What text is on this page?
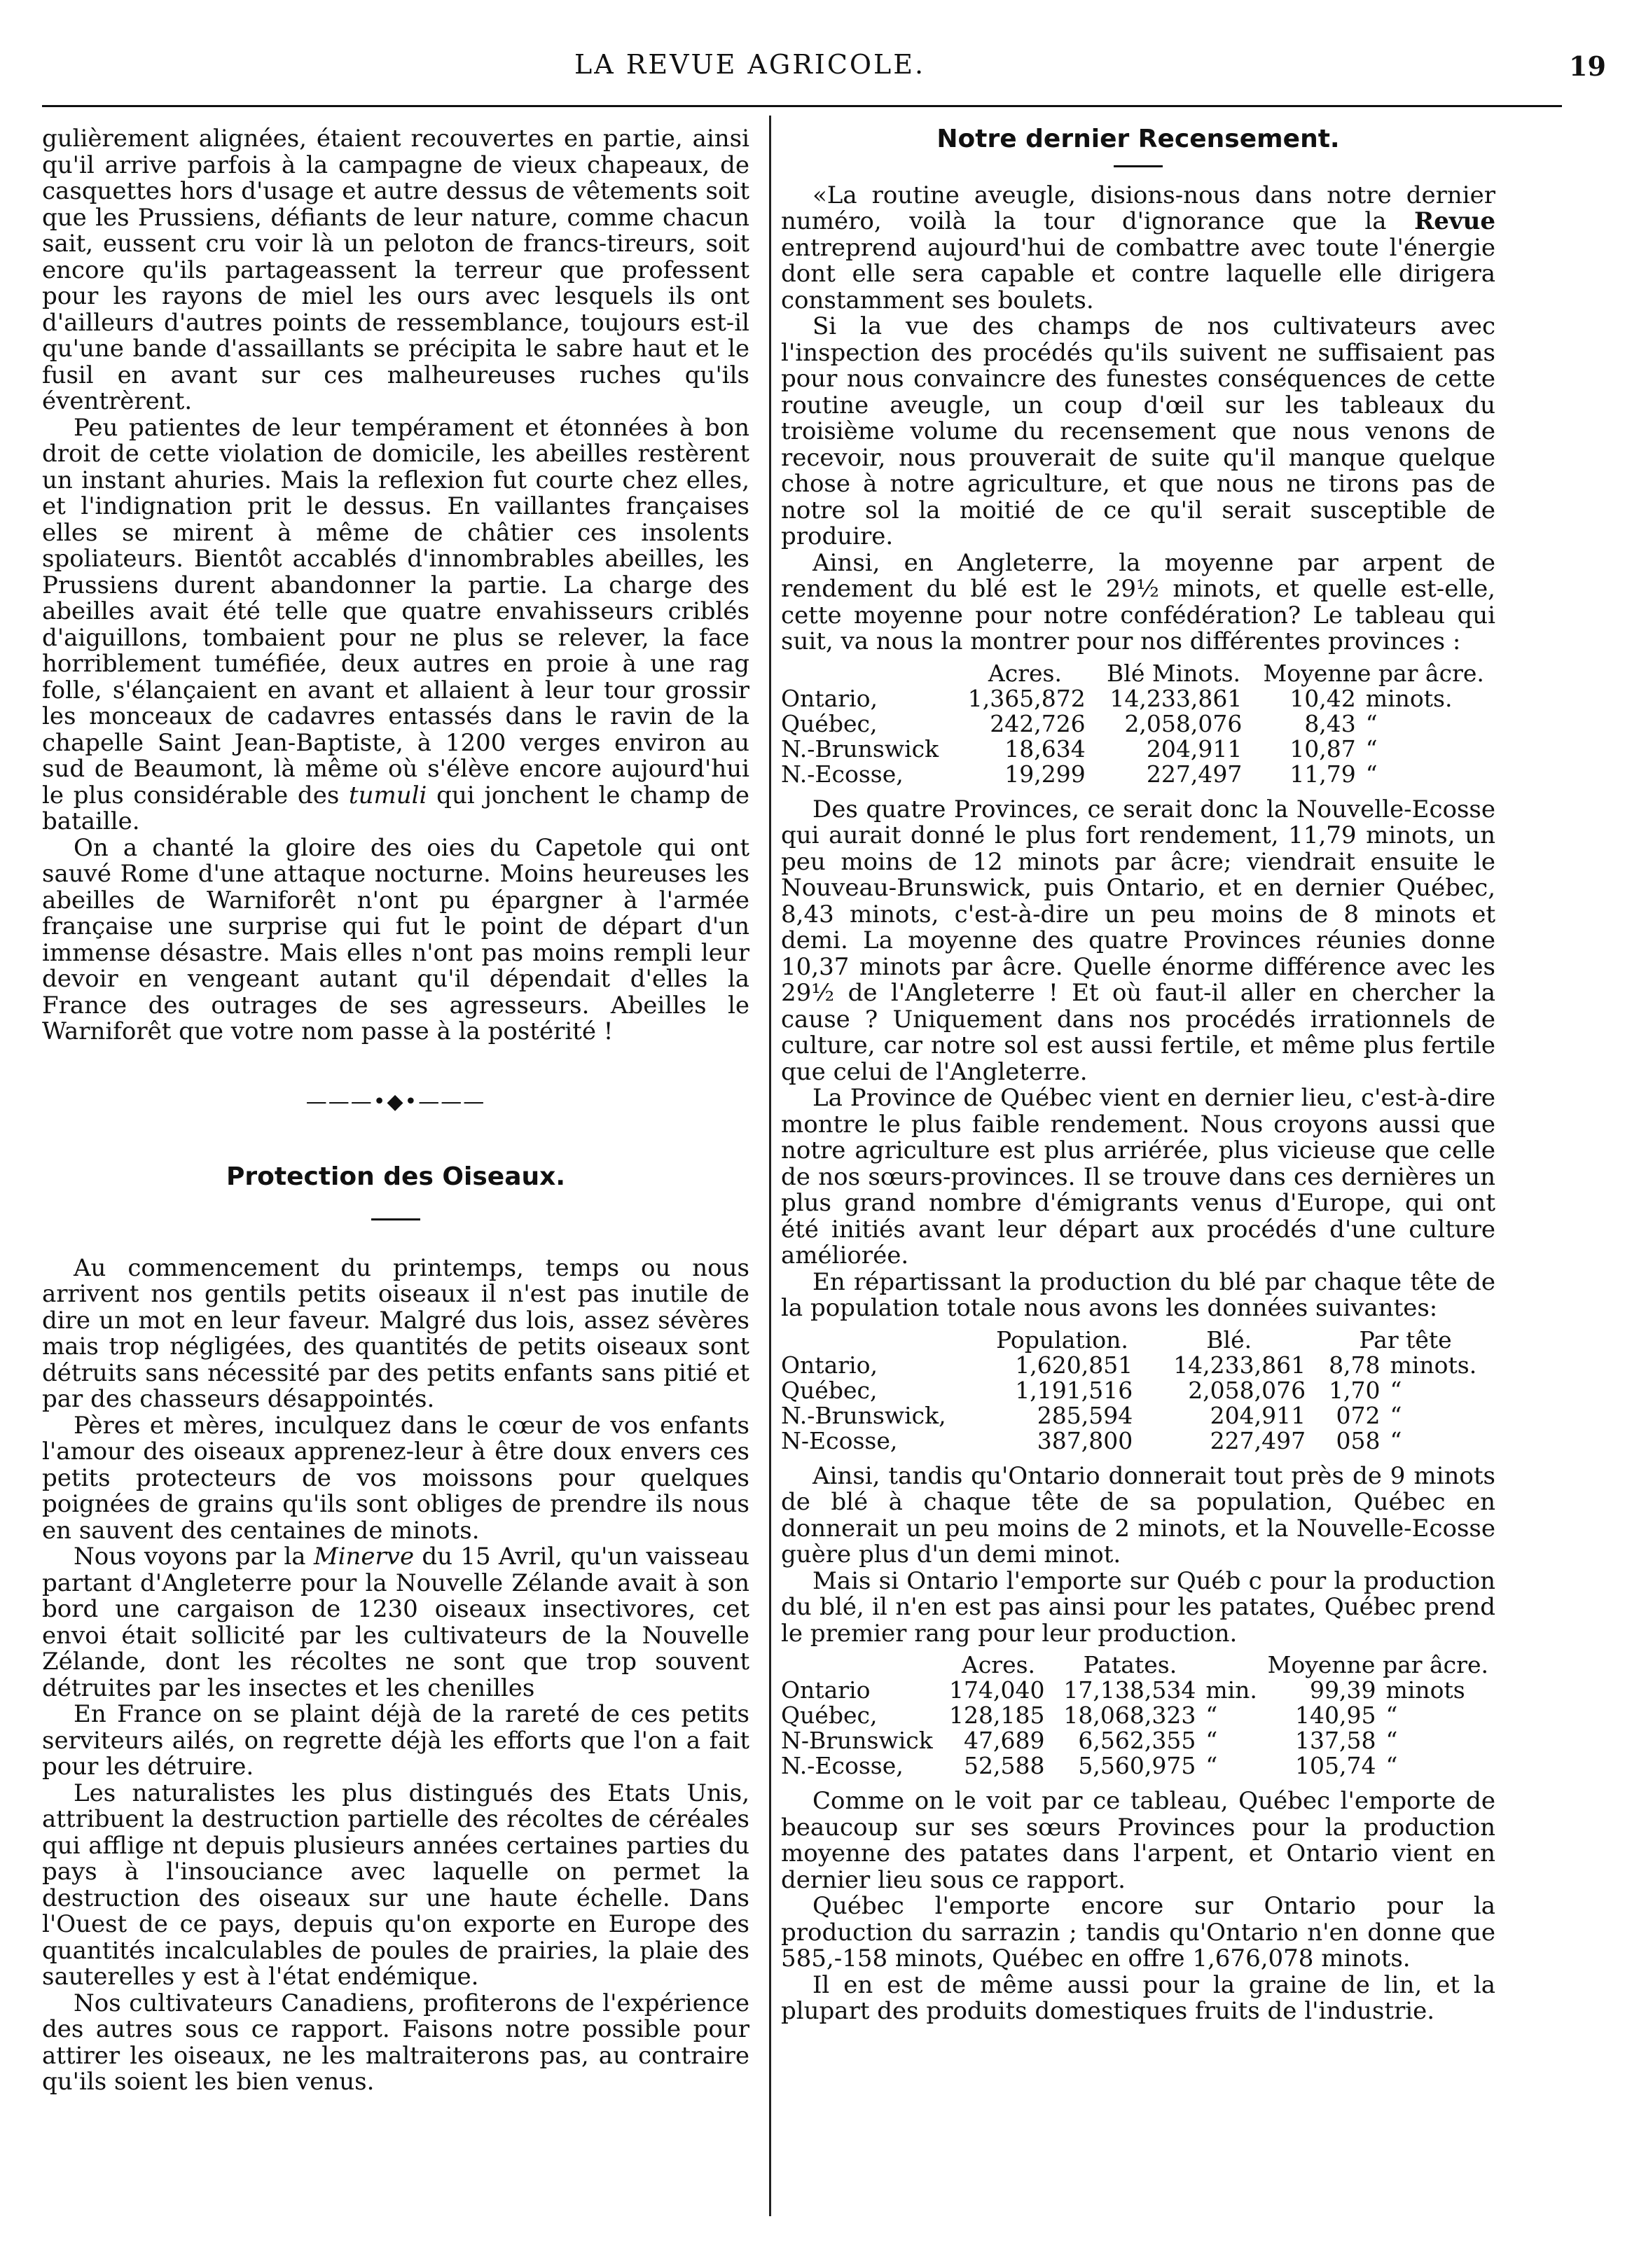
LA REVUE AGRICOLE.	19

gulièrement alignées, étaient recouvertes en partie, ainsi qu'il arrive parfois à la campagne de vieux chapeaux, de casquettes hors d'usage et autre dessus de vêtements soit que les Prussiens, défiants de leur nature, comme chacun sait, eussent cru voir là un peloton de francs-tireurs, soit encore qu'ils partageassent la terreur que professent pour les rayons de miel les ours avec lesquels ils ont d'ailleurs d'autres points de ressemblance, toujours est-il qu'une bande d'assaillants se précipita le sabre haut et le fusil en avant sur ces malheureuses ruches qu'ils éventrèrent.

Peu patientes de leur tempérament et étonnées à bon droit de cette violation de domicile, les abeilles restèrent un instant ahuries. Mais la reflexion fut courte chez elles, et l'indignation prit le dessus. En vaillantes françaises elles se mirent à même de châtier ces insolents spoliateurs. Bientôt accablés d'innombrables abeilles, les Prussiens durent abandonner la partie. La charge des abeilles avait été telle que quatre envahisseurs criblés d'aiguillons, tombaient pour ne plus se relever, la face horriblement tuméfiée, deux autres en proie à une rag folle, s'élançaient en avant et allaient à leur tour grossir les monceaux de cadavres entassés dans le ravin de la chapelle Saint Jean-Baptiste, à 1200 verges environ au sud de Beaumont, là même où s'élève encore aujourd'hui le plus considérable des tumuli qui jonchent le champ de bataille.

On a chanté la gloire des oies du Capetole qui ont sauvé Rome d'une attaque nocturne. Moins heureuses les abeilles de Warniforêt n'ont pu épargner à l'armée française une surprise qui fut le point de départ d'un immense désastre. Mais elles n'ont pas moins rempli leur devoir en vengeant autant qu'il dépendait d'elles la France des outrages de ses agresseurs. Abeilles le Warniforêt que votre nom passe à la postérité !

———•◆•———
Protection des Oiseaux.

Au commencement du printemps, temps ou nous arrivent nos gentils petits oiseaux il n'est pas inutile de dire un mot en leur faveur. Malgré dus lois, assez sévères mais trop négligées, des quantités de petits oiseaux sont détruits sans nécessité par des petits enfants sans pitié et par des chasseurs désappointés.

Pères et mères, inculquez dans le cœur de vos enfants l'amour des oiseaux apprenez-leur à être doux envers ces petits protecteurs de vos moissons pour quelques poignées de grains qu'ils sont obliges de prendre ils nous en sauvent des centaines de minots.

Nous voyons par la Minerve du 15 Avril, qu'un vaisseau partant d'Angleterre pour la Nouvelle Zélande avait à son bord une cargaison de 1230 oiseaux insectivores, cet envoi était sollicité par les cultivateurs de la Nouvelle Zélande, dont les récoltes ne sont que trop souvent détruites par les insectes et les chenilles

En France on se plaint déjà de la rareté de ces petits serviteurs ailés, on regrette déjà les efforts que l'on a fait pour les détruire.

Les naturalistes les plus distingués des Etats Unis, attribuent la destruction partielle des récoltes de céréales qui afflige nt depuis plusieurs années certaines parties du pays à l'insouciance avec laquelle on permet la destruction des oiseaux sur une haute échelle. Dans l'Ouest de ce pays, depuis qu'on exporte en Europe des quantités incalculables de poules de prairies, la plaie des sauterelles y est à l'état endémique.

Nos cultivateurs Canadiens, profiterons de l'expérience des autres sous ce rapport. Faisons notre possible pour attirer les oiseaux, ne les maltraiterons pas, au contraire qu'ils soient les bien venus.

Notre dernier Recensement.

«La routine aveugle, disions-nous dans notre dernier numéro, voilà la tour d'ignorance que la Revue entreprend aujourd'hui de combattre avec toute l'énergie dont elle sera capable et contre laquelle elle dirigera constamment ses boulets.

Si la vue des champs de nos cultivateurs avec l'inspection des procédés qu'ils suivent ne suffisaient pas pour nous convaincre des funestes conséquences de cette routine aveugle, un coup d'œil sur les tableaux du troisième volume du recensement que nous venons de recevoir, nous prouverait de suite qu'il manque quelque chose à notre agriculture, et que nous ne tirons pas de notre sol la moitié de ce qu'il serait susceptible de produire.

Ainsi, en Angleterre, la moyenne par arpent de rendement du blé est le 29½ minots, et quelle est-elle, cette moyenne pour notre confédération? Le tableau qui suit, va nous la montrer pour nos différentes provinces :

	Acres.	Blé Minots.	Moyenne par âcre.	
Ontario,	1,365,872	14,233,861	10,42	minots.
Québec,	242,726	2,058,076	8,43	“
N.-Brunswick	18,634	204,911	10,87	“
N.-Ecosse,	19,299	227,497	11,79	“

Des quatre Provinces, ce serait donc la Nouvelle-Ecosse qui aurait donné le plus fort rendement, 11,79 minots, un peu moins de 12 minots par âcre; viendrait ensuite le Nouveau-Brunswick, puis Ontario, et en dernier Québec, 8,43 minots, c'est-à-dire un peu moins de 8 minots et demi. La moyenne des quatre Provinces réunies donne 10,37 minots par âcre. Quelle énorme différence avec les 29½ de l'Angleterre ! Et où faut-il aller en chercher la cause ? Uniquement dans nos procédés irrationnels de culture, car notre sol est aussi fertile, et même plus fertile que celui de l'Angleterre.

La Province de Québec vient en dernier lieu, c'est-à-dire montre le plus faible rendement. Nous croyons aussi que notre agriculture est plus arriérée, plus vicieuse que celle de nos sœurs-provinces. Il se trouve dans ces dernières un plus grand nombre d'émigrants venus d'Europe, qui ont été initiés avant leur départ aux procédés d'une culture améliorée.

En répartissant la production du blé par chaque tête de la population totale nous avons les données suivantes:

	Population.	Blé.	Par tête	
Ontario,	1,620,851	14,233,861	8,78	minots.
Québec,	1,191,516	2,058,076	1,70	“
N.-Brunswick,	285,594	204,911	072	“
N-Ecosse,	387,800	227,497	058	“

Ainsi, tandis qu'Ontario donnerait tout près de 9 minots de blé à chaque tête de sa population, Québec en donnerait un peu moins de 2 minots, et la Nouvelle-Ecosse guère plus d'un demi minot.

Mais si Ontario l'emporte sur Québ c pour la production du blé, il n'en est pas ainsi pour les patates, Québec prend le premier rang pour leur production.

	Acres.	Patates.		Moyenne par âcre.	
Ontario	174,040	17,138,534	min.	99,39	minots
Québec,	128,185	18,068,323	“	140,95	“
N-Brunswick	47,689	6,562,355	“	137,58	“
N.-Ecosse,	52,588	5,560,975	“	105,74	“

Comme on le voit par ce tableau, Québec l'emporte de beaucoup sur ses sœurs Provinces pour la production moyenne des patates dans l'arpent, et Ontario vient en dernier lieu sous ce rapport.

Québec l'emporte encore sur Ontario pour la production du sarrazin ; tandis qu'Ontario n'en donne que 585,-158 minots, Québec en offre 1,676,078 minots.

Il en est de même aussi pour la graine de lin, et la plupart des produits domestiques fruits de l'industrie.
